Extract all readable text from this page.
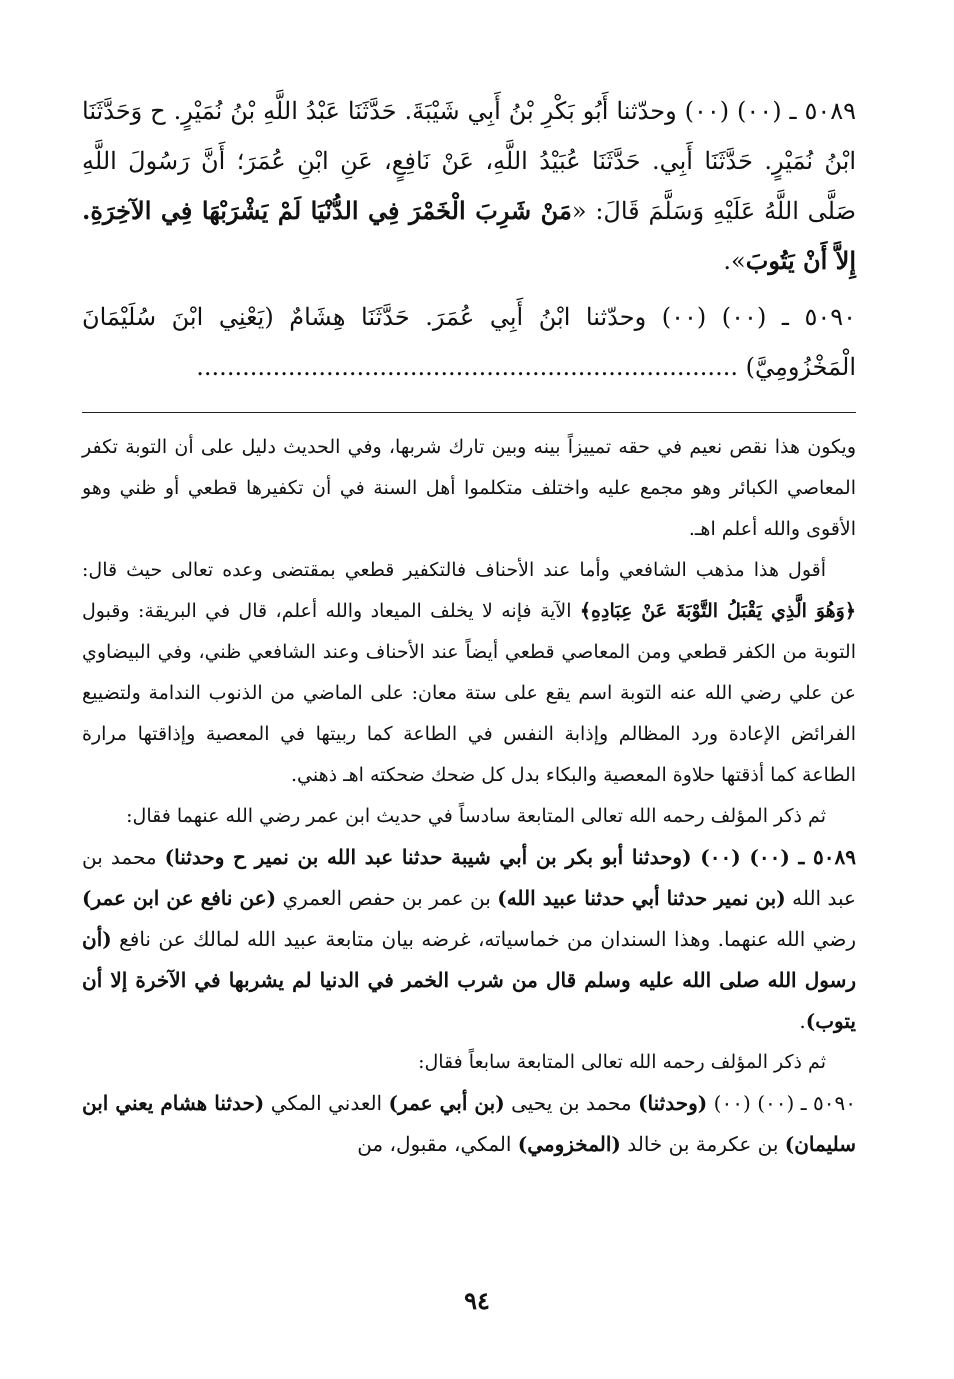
٥٠٨٩ ـ (٠٠) (٠٠) وحدّثنا أَبُو بَكْرِ بْنُ أَبِي شَيْبَةَ. حَدَّثَنَا عَبْدُ اللَّهِ بْنُ نُمَيْرٍ. ح وَحَدَّثَنَا ابْنُ نُمَيْرٍ. حَدَّثَنَا أَبِي. حَدَّثَنَا عُبَيْدُ اللَّهِ، عَنْ نَافِعٍ، عَنِ ابْنِ عُمَرَ؛ أَنَّ رَسُولَ اللَّهِ صَلَّى اللَّهُ عَلَيْهِ وَسَلَّمَ قَالَ: «مَنْ شَرِبَ الْخَمْرَ فِي الدُّنْيَا لَمْ يَشْرَبْهَا فِي الآخِرَةِ. إِلاَّ أَنْ يَتُوبَ».

٥٠٩٠ ـ (٠٠) (٠٠) وحدّثنا ابْنُ أَبِي عُمَرَ. حَدَّثَنَا هِشَامٌ (يَعْنِي ابْنَ سُلَيْمَانَ الْمَخْزُومِيَّ) .......................................................................

ويكون هذا نقص نعيم في حقه تمييزاً بينه وبين تارك شربها، وفي الحديث دليل على أن التوبة تكفر المعاصي الكبائر وهو مجمع عليه واختلف متكلموا أهل السنة في أن تكفيرها قطعي أو ظني وهو الأقوى والله أعلم اهـ.

أقول هذا مذهب الشافعي وأما عند الأحناف فالتكفير قطعي بمقتضى وعده تعالى حيث قال: ﴿وَهُوَ الَّذِي يَقْبَلُ التَّوْبَةَ عَنْ عِبَادِهِ﴾ الآية فإنه لا يخلف الميعاد والله أعلم، قال في البريقة: وقبول التوبة من الكفر قطعي ومن المعاصي قطعي أيضاً عند الأحناف وعند الشافعي ظني، وفي البيضاوي عن علي رضي الله عنه التوبة اسم يقع على ستة معان: على الماضي من الذنوب الندامة ولتضييع الفرائض الإعادة ورد المظالم وإذابة النفس في الطاعة كما ربيتها في المعصية وإذاقتها مرارة الطاعة كما أذقتها حلاوة المعصية والبكاء بدل كل ضحك ضحكته اهـ ذهني.

ثم ذكر المؤلف رحمه الله تعالى المتابعة سادساً في حديث ابن عمر رضي الله عنهما فقال:

٥٠٨٩ ـ (٠٠) (٠٠) (وحدثنا أبو بكر بن أبي شيبة حدثنا عبد الله بن نمير ح وحدثنا) محمد بن عبد الله (بن نمير حدثنا أبي حدثنا عبيد الله) بن عمر بن حفص العمري (عن نافع عن ابن عمر) رضي الله عنهما. وهذا السندان من خماسياته، غرضه بيان متابعة عبيد الله لمالك عن نافع (أن رسول الله صلى الله عليه وسلم قال من شرب الخمر في الدنيا لم يشربها في الآخرة إلا أن يتوب).

ثم ذكر المؤلف رحمه الله تعالى المتابعة سابعاً فقال:

٥٠٩٠ ـ (٠٠) (٠٠) (وحدثنا) محمد بن يحيى (بن أبي عمر) العدني المكي (حدثنا هشام يعني ابن سليمان) بن عكرمة بن خالد (المخزومي) المكي، مقبول، من

٩٤
